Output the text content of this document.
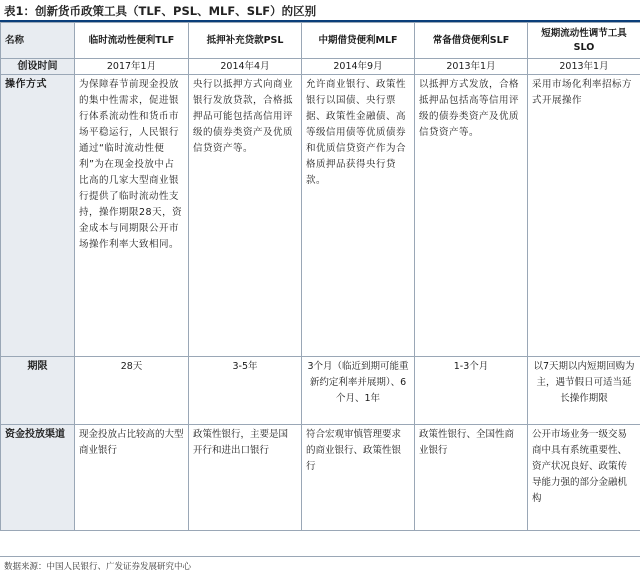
表1：创新货币政策工具（TLF、PSL、MLF、SLF）的区别
名称	临时流动性便利TLF	抵押补充贷款PSL	中期借贷便利MLF	常备借贷便利SLF	短期流动性调节工具SLO
创设时间	2017年1月	2014年4月	2014年9月	2013年1月	2013年1月
操作方式	为保障春节前现金投放的集中性需求，促进银行体系流动性和货币市场平稳运行，人民银行通过“临时流动性便利”为在现金投放中占比高的几家大型商业银行提供了临时流动性支持，操作期限28天，资金成本与同期限公开市场操作利率大致相同。	央行以抵押方式向商业银行发放贷款，合格抵押品可能包括高信用评级的债券类资产及优质信贷资产等。	允许商业银行、政策性银行以国债、央行票据、政策性金融债、高等级信用债等优质债券和优质信贷资产作为合格质押品获得央行贷款。	以抵押方式发放，合格抵押品包括高等信用评级的债券类资产及优质信贷资产等。	采用市场化利率招标方式开展操作
期限	28天	3-5年	3个月（临近到期可能重新约定利率并展期）、6个月、1年	1-3个月	以7天期以内短期回购为主，遇节假日可适当延长操作期限
资金投放渠道	现金投放占比较高的大型商业银行	政策性银行，主要是国开行和进出口银行	符合宏观审慎管理要求的商业银行、政策性银行	政策性银行、全国性商业银行	公开市场业务一级交易商中具有系统重要性、资产状况良好、政策传导能力强的部分金融机构
数据来源：中国人民银行、广发证券发展研究中心
